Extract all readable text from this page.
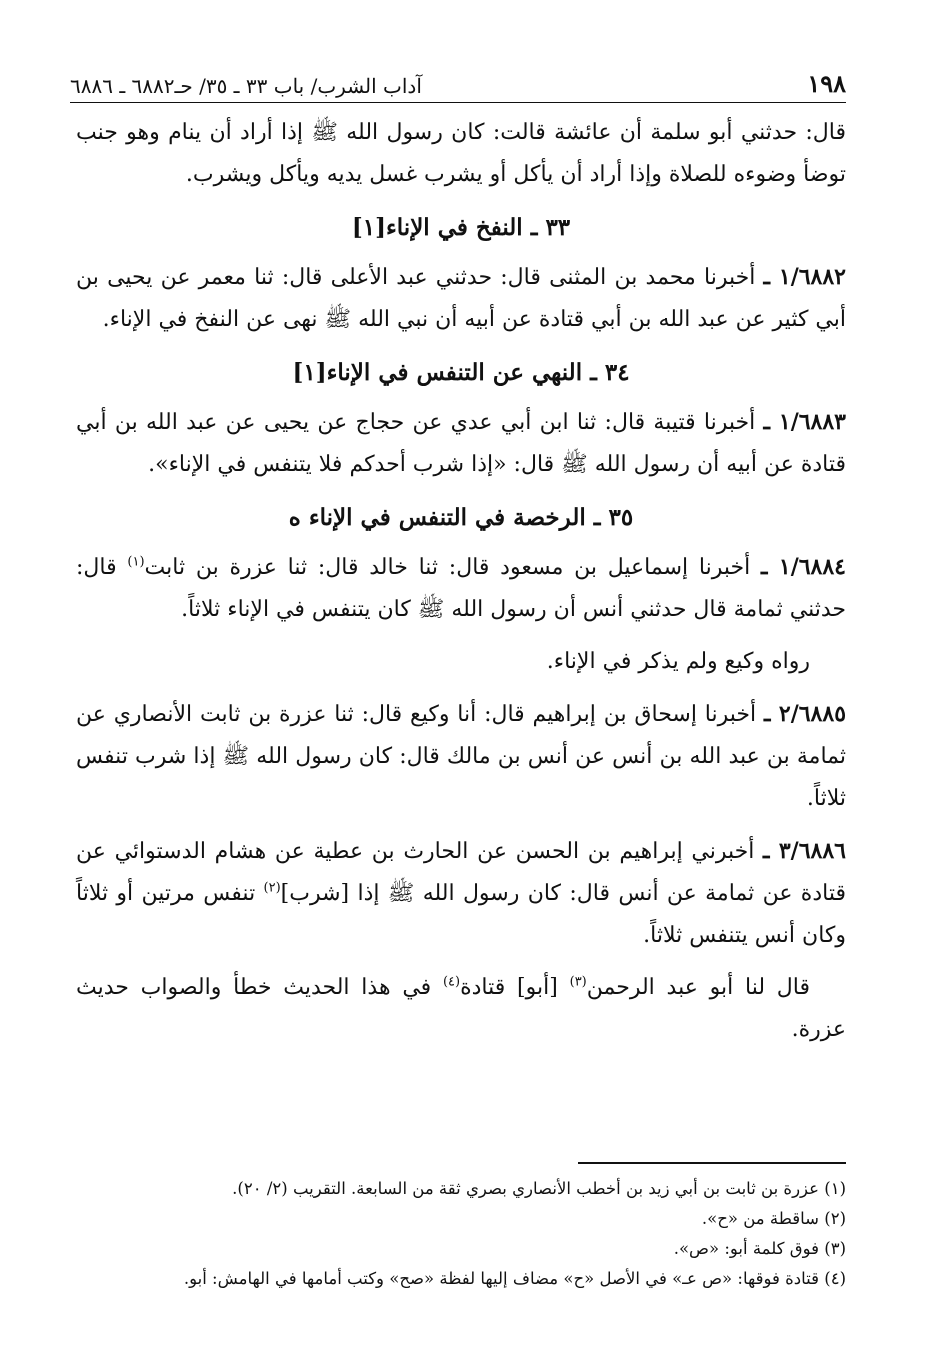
١٩٨
آداب الشرب/ باب ٣٣ ـ ٣٥/ حـ٦٨٨٢ ـ ٦٨٨٦

قال: حدثني أبو سلمة أن عائشة قالت: كان رسول الله ﷺ إذا أراد أن ينام وهو جنب توضأ وضوءه للصلاة وإذا أراد أن يأكل أو يشرب غسل يديه ويأكل ويشرب.

٣٣ ـ النفخ في الإناء[١]

١/٦٨٨٢ ـ أخبرنا محمد بن المثنى قال: حدثني عبد الأعلى قال: ثنا معمر عن يحيى بن أبي كثير عن عبد الله بن أبي قتادة عن أبيه أن نبي الله ﷺ نهى عن النفخ في الإناء.

٣٤ ـ النهي عن التنفس في الإناء[١]

١/٦٨٨٣ ـ أخبرنا قتيبة قال: ثنا ابن أبي عدي عن حجاج عن يحيى عن عبد الله بن أبي قتادة عن أبيه أن رسول الله ﷺ قال: «إذا شرب أحدكم فلا يتنفس في الإناء».

٣٥ ـ الرخصة في التنفس في الإناء ه

١/٦٨٨٤ ـ أخبرنا إسماعيل بن مسعود قال: ثنا خالد قال: ثنا عزرة بن ثابت$^{(١)}$ قال: حدثني ثمامة قال حدثني أنس أن رسول الله ﷺ كان يتنفس في الإناء ثلاثاً.

رواه وكيع ولم يذكر في الإناء.

٢/٦٨٨٥ ـ أخبرنا إسحاق بن إبراهيم قال: أنا وكيع قال: ثنا عزرة بن ثابت الأنصاري عن ثمامة بن عبد الله بن أنس عن أنس بن مالك قال: كان رسول الله ﷺ إذا شرب تنفس ثلاثاً.

٣/٦٨٨٦ ـ أخبرني إبراهيم بن الحسن عن الحارث بن عطية عن هشام الدستوائي عن قتادة عن ثمامة عن أنس قال: كان رسول الله ﷺ إذا [شرب]$^{(٢)}$ تنفس مرتين أو ثلاثاً وكان أنس يتنفس ثلاثاً.

قال لنا أبو عبد الرحمن$^{(٣)}$ [أبو] قتادة$^{(٤)}$ في هذا الحديث خطأ والصواب حديث عزرة.

(١) عزرة بن ثابت بن أبي زيد بن أخطب الأنصاري بصري ثقة من السابعة. التقريب (٢/ ٢٠).
(٢) ساقطة من «ح».
(٣) فوق كلمة أبو: «ص».
(٤) قتادة فوقها: «ص عـ» في الأصل «ح» مضاف إليها لفظة «صح» وكتب أمامها في الهامش: أبو.
